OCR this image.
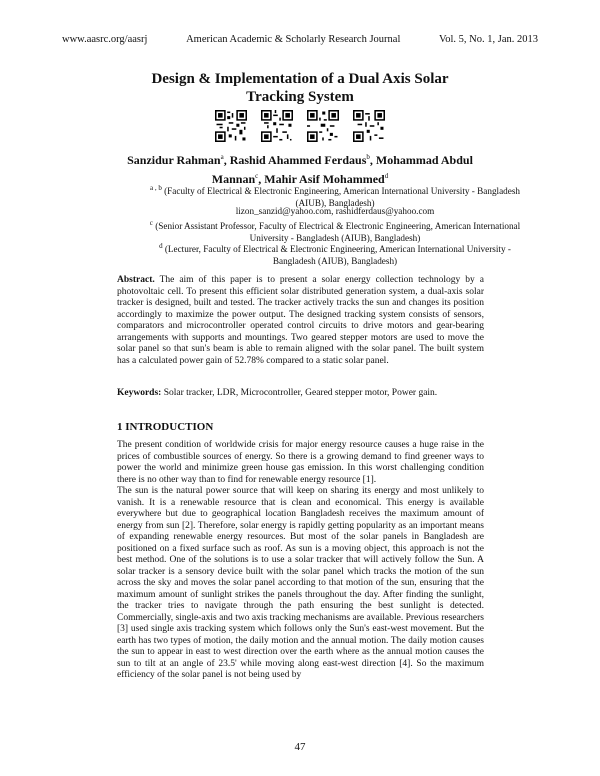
www.aasrc.org/aasrj	American Academic & Scholarly Research Journal	Vol. 5, No. 1, Jan. 2013
Design & Implementation of a Dual Axis Solar
Tracking System
Sanzidur Rahman$^a$, Rashid Ahammed Ferdaus$^b$, Mohammad Abdul Mannan$^c$, Mahir Asif Mohammed$^d$
$^{a , b}$ (Faculty of Electrical & Electronic Engineering, American International University - Bangladesh (AIUB), Bangladesh)
lizon_sanzid@yahoo.com, rashidferdaus@yahoo.com
$^c$ (Senior Assistant Professor, Faculty of Electrical & Electronic Engineering, American International University - Bangladesh (AIUB), Bangladesh)
$^d$ (Lecturer, Faculty of Electrical & Electronic Engineering, American International University - Bangladesh (AIUB), Bangladesh)

Abstract. The aim of this paper is to present a solar energy collection technology by a photovoltaic cell. To present this efficient solar distributed generation system, a dual-axis solar tracker is designed, built and tested. The tracker actively tracks the sun and changes its position accordingly to maximize the power output. The designed tracking system consists of sensors, comparators and microcontroller operated control circuits to drive motors and gear-bearing arrangements with supports and mountings. Two geared stepper motors are used to move the solar panel so that sun's beam is able to remain aligned with the solar panel. The built system has a calculated power gain of 52.78% compared to a static solar panel.

Keywords: Solar tracker, LDR, Microcontroller, Geared stepper motor, Power gain.

1 INTRODUCTION

The present condition of worldwide crisis for major energy resource causes a huge raise in the prices of combustible sources of energy. So there is a growing demand to find greener ways to power the world and minimize green house gas emission. In this worst challenging condition there is no other way than to find for renewable energy resource [1].

The sun is the natural power source that will keep on sharing its energy and most unlikely to vanish. It is a renewable resource that is clean and economical. This energy is available everywhere but due to geographical location Bangladesh receives the maximum amount of energy from sun [2]. Therefore, solar energy is rapidly getting popularity as an important means of expanding renewable energy resources. But most of the solar panels in Bangladesh are positioned on a fixed surface such as roof. As sun is a moving object, this approach is not the best method. One of the solutions is to use a solar tracker that will actively follow the Sun. A solar tracker is a sensory device built with the solar panel which tracks the motion of the sun across the sky and moves the solar panel according to that motion of the sun, ensuring that the maximum amount of sunlight strikes the panels throughout the day. After finding the sunlight, the tracker tries to navigate through the path ensuring the best sunlight is detected. Commercially, single-axis and two axis tracking mechanisms are available. Previous researchers [3] used single axis tracking system which follows only the Sun's east-west movement. But the earth has two types of motion, the daily motion and the annual motion. The daily motion causes the sun to appear in east to west direction over the earth where as the annual motion causes the sun to tilt at an angle of 23.5' while moving along east-west direction [4]. So the maximum efficiency of the solar panel is not being used by

47
